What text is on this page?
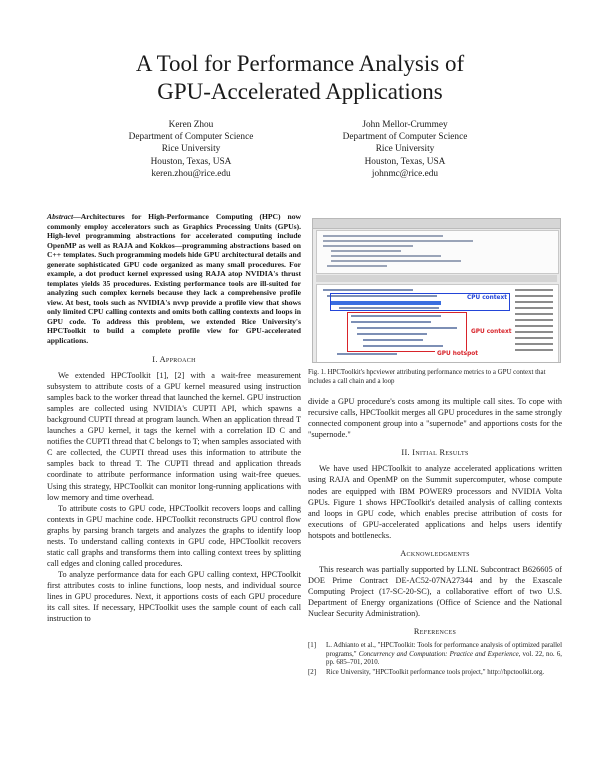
A Tool for Performance Analysis of
GPU-Accelerated Applications
Keren Zhou
Department of Computer Science
Rice University
Houston, Texas, USA
keren.zhou@rice.edu
John Mellor-Crummey
Department of Computer Science
Rice University
Houston, Texas, USA
johnmc@rice.edu
Abstract—Architectures for High-Performance Computing (HPC) now commonly employ accelerators such as Graphics Processing Units (GPUs). High-level programming abstractions for accelerated computing include OpenMP as well as RAJA and Kokkos—programming abstractions based on C++ templates. Such programming models hide GPU architectural details and generate sophisticated GPU code organized as many small procedures. For example, a dot product kernel expressed using RAJA atop NVIDIA's thrust templates yields 35 procedures. Existing performance tools are ill-suited for analyzing such complex kernels because they lack a comprehensive profile view. At best, tools such as NVIDIA's nvvp provide a profile view that shows only limited CPU calling contexts and omits both calling contexts and loops in GPU code. To address this problem, we extended Rice University's HPCToolkit to build a complete profile view for GPU-accelerated applications.
I. Approach

We extended HPCToolkit [1], [2] with a wait-free measurement subsystem to attribute costs of a GPU kernel measured using instruction samples back to the worker thread that launched the kernel. GPU instruction samples are collected using NVIDIA's CUPTI API, which spawns a background CUPTI thread at program launch. When an application thread T launches a GPU kernel, it tags the kernel with a correlation ID C and notifies the CUPTI thread that C belongs to T; when samples associated with C are collected, the CUPTI thread uses this information to attribute the samples back to thread T. The CUPTI thread and application threads coordinate to attribute performance information using wait-free queues. Using this strategy, HPCToolkit can monitor long-running applications with low memory and time overhead.

To attribute costs to GPU code, HPCToolkit recovers loops and calling contexts in GPU machine code. HPCToolkit reconstructs GPU control flow graphs by parsing branch targets and analyzes the graphs to identify loop nests. To understand calling contexts in GPU code, HPCToolkit recovers static call graphs and transforms them into calling context trees by splitting call edges and cloning called procedures.

To analyze performance data for each GPU calling context, HPCToolkit first attributes costs to inline functions, loop nests, and individual source lines in GPU procedures. Next, it apportions costs of each GPU procedure its call sites. If necessary, HPCToolkit uses the sample count of each call instruction to

CPU context
GPU context
GPU hotspot
Fig. 1. HPCToolkit's hpcviewer attributing performance metrics to a GPU context that includes a call chain and a loop

divide a GPU procedure's costs among its multiple call sites. To cope with recursive calls, HPCToolkit merges all GPU procedures in the same strongly connected component group into a "supernode" and apportions costs for the "supernode."

II. Initial Results

We have used HPCToolkit to analyze accelerated applications written using RAJA and OpenMP on the Summit supercomputer, whose compute nodes are equipped with IBM POWER9 processors and NVIDIA Volta GPUs. Figure 1 shows HPCToolkit's detailed analysis of calling contexts and loops in GPU code, which enables precise attribution of costs for executions of GPU-accelerated applications and helps users identify hotspots and bottlenecks.

Acknowledgments

This research was partially supported by LLNL Subcontract B626605 of DOE Prime Contract DE-AC52-07NA27344 and by the Exascale Computing Project (17-SC-20-SC), a collaborative effort of two U.S. Department of Energy organizations (Office of Science and the National Nuclear Security Administration).

References
[1]	L. Adhianto et al., "HPCToolkit: Tools for performance analysis of optimized parallel programs," Concurrency and Computation: Practice and Experience, vol. 22, no. 6, pp. 685–701, 2010.
[2]	Rice University, "HPCToolkit performance tools project," http://hpctoolkit.org.
